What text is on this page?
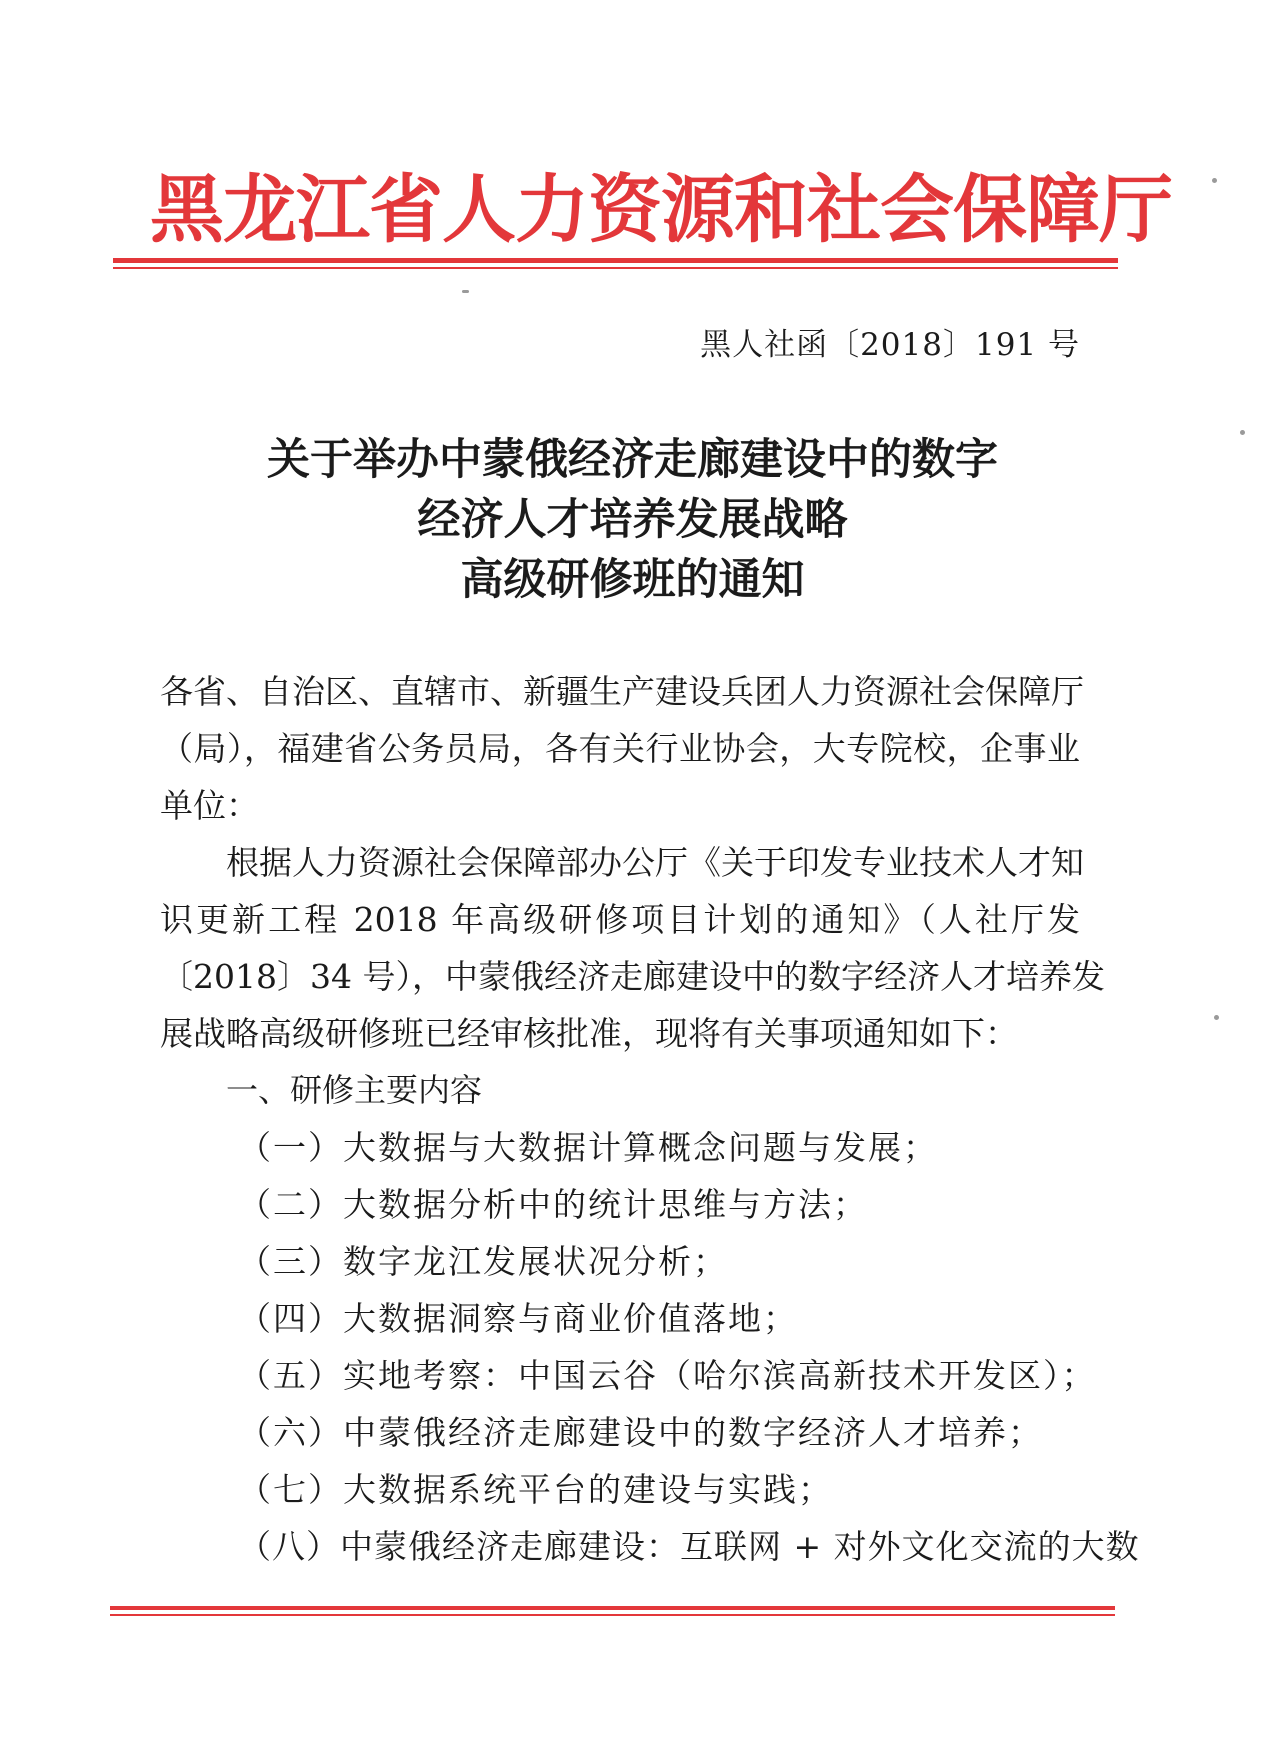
黑龙江省人力资源和社会保障厅
黑人社函〔2018〕191 号
关于举办中蒙俄经济走廊建设中的数字
经济人才培养发展战略
高级研修班的通知
各省、自治区、直辖市、新疆生产建设兵团人力资源社会保障厅
（局），福建省公务员局，各有关行业协会，大专院校，企事业
单位：
根据人力资源社会保障部办公厅《关于印发专业技术人才知
识更新工程 2018 年高级研修项目计划的通知》（人社厅发
〔2018〕34 号），中蒙俄经济走廊建设中的数字经济人才培养发
展战略高级研修班已经审核批准，现将有关事项通知如下：
一、研修主要内容
（一）大数据与大数据计算概念问题与发展；
（二）大数据分析中的统计思维与方法；
（三）数字龙江发展状况分析；
（四）大数据洞察与商业价值落地；
（五）实地考察：中国云谷（哈尔滨高新技术开发区）；
（六）中蒙俄经济走廊建设中的数字经济人才培养；
（七）大数据系统平台的建设与实践；
（八）中蒙俄经济走廊建设：互联网 + 对外文化交流的大数
